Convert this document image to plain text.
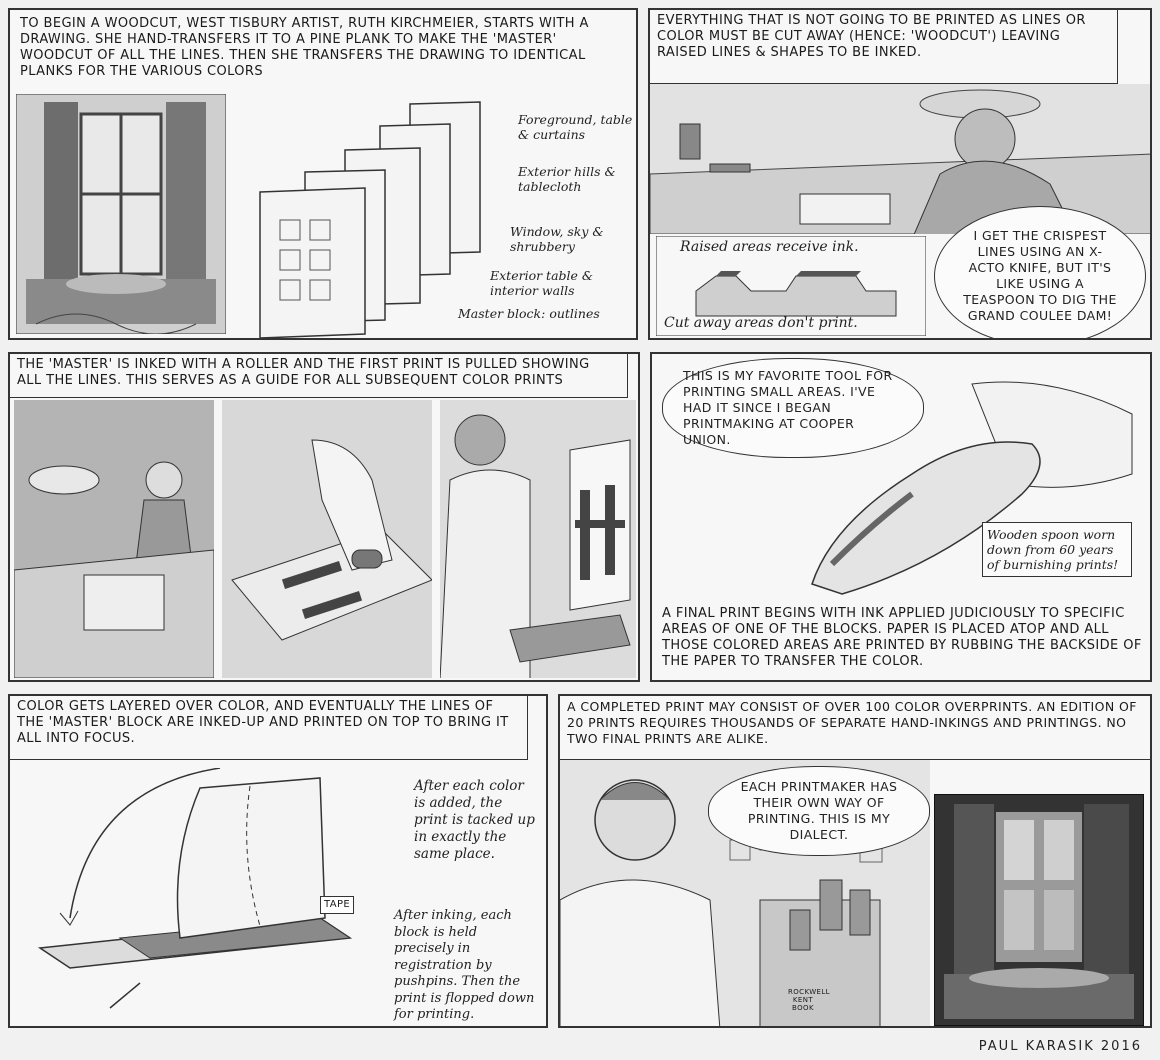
TO BEGIN A WOODCUT, WEST TISBURY ARTIST, RUTH KIRCHMEIER, STARTS WITH A DRAWING. SHE HAND-TRANSFERS IT TO A PINE PLANK TO MAKE THE 'MASTER' WOODCUT OF ALL THE LINES. THEN SHE TRANSFERS THE DRAWING TO IDENTICAL PLANKS FOR THE VARIOUS COLORS
Foreground, table & curtains
Exterior hills & tablecloth
Window, sky & shrubbery
Exterior table & interior walls
Master block: outlines
EVERYTHING THAT IS NOT GOING TO BE PRINTED AS LINES OR COLOR MUST BE CUT AWAY (HENCE: 'WOODCUT') LEAVING RAISED LINES & SHAPES TO BE INKED.
Raised areas receive ink.
Cut away areas don't print.
I GET THE CRISPEST LINES USING AN X-ACTO KNIFE, BUT IT'S LIKE USING A TEASPOON TO DIG THE GRAND COULEE DAM!
THE 'MASTER' IS INKED WITH A ROLLER AND THE FIRST PRINT IS PULLED SHOWING ALL THE LINES. THIS SERVES AS A GUIDE FOR ALL SUBSEQUENT COLOR PRINTS	THIS IS MY FAVORITE TOOL FOR PRINTING SMALL AREAS. I'VE HAD IT SINCE I BEGAN PRINTMAKING AT COOPER UNION.
Wooden spoon worn down from 60 years of burnishing prints!
A FINAL PRINT BEGINS WITH INK APPLIED JUDICIOUSLY TO SPECIFIC AREAS OF ONE OF THE BLOCKS. PAPER IS PLACED ATOP AND ALL THOSE COLORED AREAS ARE PRINTED BY RUBBING THE BACKSIDE OF THE PAPER TO TRANSFER THE COLOR.
COLOR GETS LAYERED OVER COLOR, AND EVENTUALLY THE LINES OF THE 'MASTER' BLOCK ARE INKED-UP AND PRINTED ON TOP TO BRING IT ALL INTO FOCUS.
After each color is added, the print is tacked up in exactly the same place.
TAPE
After inking, each block is held precisely in registration by pushpins. Then the print is flopped down for printing.
A COMPLETED PRINT MAY CONSIST OF OVER 100 COLOR OVERPRINTS. AN EDITION OF 20 PRINTS REQUIRES THOUSANDS OF SEPARATE HAND-INKINGS AND PRINTINGS. NO TWO FINAL PRINTS ARE ALIKE.
ROCKWELL KENT BOOK
EACH PRINTMAKER HAS THEIR OWN WAY OF PRINTING. THIS IS MY DIALECT.
PAUL KARASIK 2016
